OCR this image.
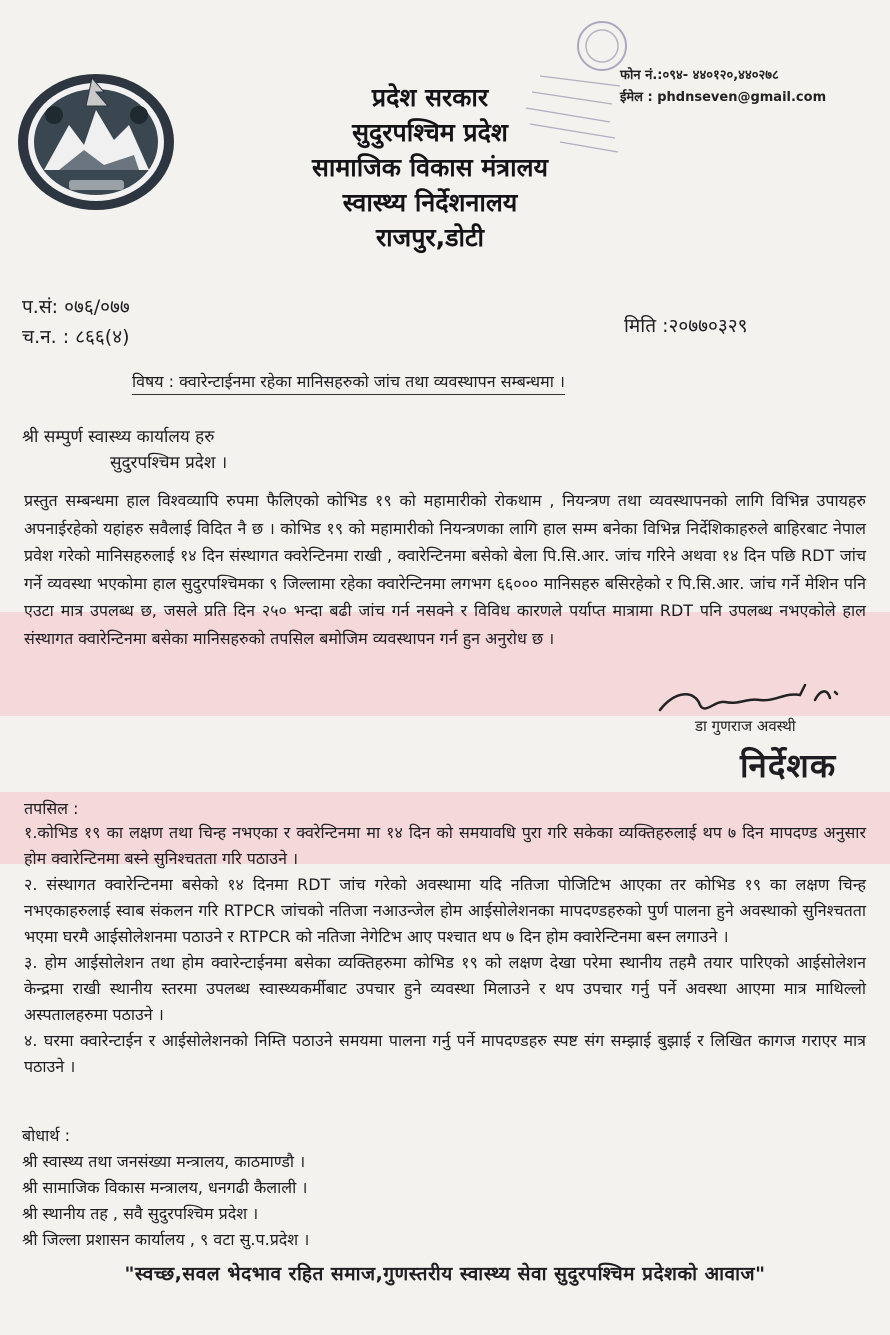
प्रदेश सरकार
सुदुरपश्चिम प्रदेश
सामाजिक विकास मंत्रालय
स्वास्थ्य निर्देशनालय
राजपुर,डोटी
फोन नं.:०९४- ४४०१२०,४४०२७८
ईमेल : phdnseven@gmail.com
प.सं: ०७६/०७७
च.न. : ८६६(४)	मिति :२०७७०३२९
विषय : क्वारेन्टाईनमा रहेका मानिसहरुको जांच तथा व्यवस्थापन सम्बन्धमा ।
श्री सम्पुर्ण स्वास्थ्य कार्यालय हरु
सुदुरपश्चिम प्रदेश ।
प्रस्तुत सम्बन्धमा हाल विश्वव्यापि रुपमा फैलिएको कोभिड १९ को महामारीको रोकथाम , नियन्त्रण तथा व्यवस्थापनको लागि विभिन्न उपायहरु अपनाईरहेको यहांहरु सवैलाई विदित नै छ । कोभिड १९ को महामारीको नियन्त्रणका लागि हाल सम्म बनेका विभिन्न निर्देशिकाहरुले बाहिरबाट नेपाल प्रवेश गरेको मानिसहरुलाई १४ दिन संस्थागत क्वरेन्टिनमा राखी , क्वारेन्टिनमा बसेको बेला पि.सि.आर. जांच गरिने अथवा १४ दिन पछि RDT जांच गर्ने व्यवस्था भएकोमा हाल सुदुरपश्चिमका ९ जिल्लामा रहेका क्वारेन्टिनमा लगभग ६६००० मानिसहरु बसिरहेको र पि.सि.आर. जांच गर्ने मेशिन पनि एउटा मात्र उपलब्ध छ, जसले प्रति दिन २५० भन्दा बढी जांच गर्न नसक्ने र विविध कारणले पर्याप्त मात्रामा RDT पनि उपलब्ध नभएकोले हाल संस्थागत क्वारेन्टिनमा बसेका मानिसहरुको तपसिल बमोजिम व्यवस्थापन गर्न हुन अनुरोध छ ।
डा गुणराज अवस्थी
निर्देशक
तपसिल :

१.कोभिड १९ का लक्षण तथा चिन्ह नभएका र क्वरेन्टिनमा मा १४ दिन को समयावधि पुरा गरि सकेका व्यक्तिहरुलाई थप ७ दिन मापदण्ड अनुसार होम क्वारेन्टिनमा बस्ने सुनिश्चतता गरि पठाउने ।

२. संस्थागत क्वारेन्टिनमा बसेको १४ दिनमा RDT जांच गरेको अवस्थामा यदि नतिजा पोजिटिभ आएका तर कोभिड १९ का लक्षण चिन्ह नभएकाहरुलाई स्वाब संकलन गरि RTPCR जांचको नतिजा नआउन्जेल होम आईसोलेशनका मापदण्डहरुको पुर्ण पालना हुने अवस्थाको सुनिश्चतता भएमा घरमै आईसोलेशनमा पठाउने र RTPCR को नतिजा नेगेटिभ आए पश्चात थप ७ दिन होम क्वारेन्टिनमा बस्न लगाउने ।

३. होम आईसोलेशन तथा होम क्वारेन्टाईनमा बसेका व्यक्तिहरुमा कोभिड १९ को लक्षण देखा परेमा स्थानीय तहमै तयार पारिएको आईसोलेशन केन्द्रमा राखी स्थानीय स्तरमा उपलब्ध स्वास्थ्यकर्मीबाट उपचार हुने व्यवस्था मिलाउने र थप उपचार गर्नु पर्ने अवस्था आएमा मात्र माथिल्लो अस्पतालहरुमा पठाउने ।

४. घरमा क्वारेन्टाईन र आईसोलेशनको निम्ति पठाउने समयमा पालना गर्नु पर्ने मापदण्डहरु स्पष्ट संग सम्झाई बुझाई र लिखित कागज गराएर मात्र पठाउने ।

बोधार्थ :
श्री स्वास्थ्य तथा जनसंख्या मन्त्रालय, काठमाण्डौ ।
श्री सामाजिक विकास मन्त्रालय, धनगढी कैलाली ।
श्री स्थानीय तह , सवै सुदुरपश्चिम प्रदेश ।
श्री जिल्ला प्रशासन कार्यालय , ९ वटा सु.प.प्रदेश ।
"स्वच्छ,सवल भेदभाव रहित समाज,गुणस्तरीय स्वास्थ्य सेवा सुदुरपश्चिम प्रदेशको आवाज"
